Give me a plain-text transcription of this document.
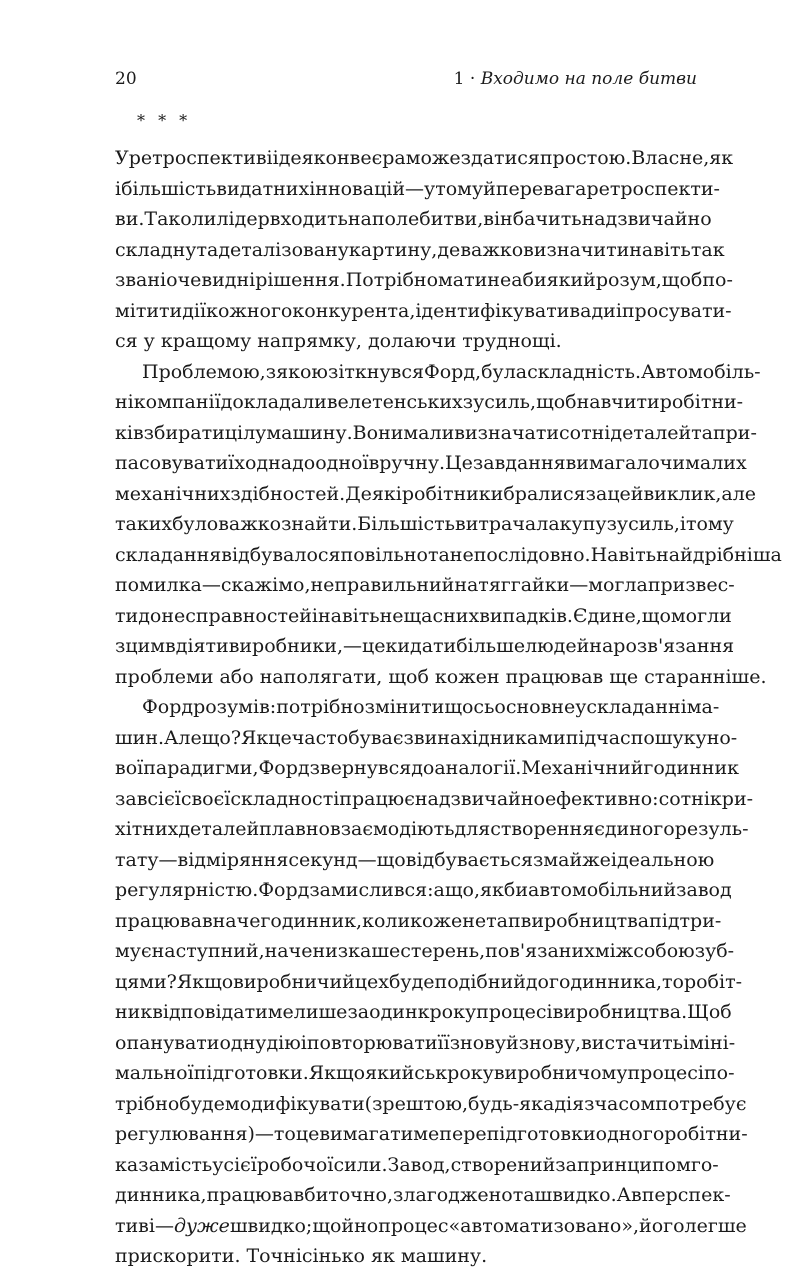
20	1 · Входимо на поле битви
* * *
У ретроспективі ідея конвеєра може здатися простою. Власне, як
і більшість видатних інновацій — у тому й перевага ретроспекти-
ви. Та коли лідер входить на поле битви, він бачить надзвичайно
складну та деталізовану картину, де важко визначити навіть так
звані очевидні рішення. Потрібно мати неабиякий розум, щоб по-
мітити дії кожного конкурента, ідентифікувати вади і просувати-
ся у кращому напрямку, долаючи труднощі.
Проблемою, з якою зіткнувся Форд, була складність. Автомобіль-
ні компанії докладали велетенських зусиль, щоб навчити робітни-
ків збирати цілу машину. Вони мали визначати сотні деталей та при-
пасовувати їх одна до одної вручну. Це завдання вимагало чималих
механічних здібностей. Деякі робітники бралися за цей виклик, але
таких було важко знайти. Більшість витрачала купу зусиль, і тому
складання відбувалося повільно та непослідовно. Навіть найдрібніша
помилка — скажімо, неправильний натяг гайки — могла призвес-
ти до несправностей і навіть нещасних випадків. Єдине, що могли
з цим вдіяти виробники, — це кидати більше людей на розв'язання
проблеми або наполягати, щоб кожен працював ще старанніше.
Форд розумів: потрібно змінити щось основне у складанні ма-
шин. Але що? Як це часто буває з винахідниками під час пошуку но-
вої парадигми, Форд звернувся до аналогії. Механічний годинник
за всієї своєї складності працює надзвичайно ефективно: сотні кри-
хітних деталей плавно взаємодіють для створення єдиного резуль-
тату — відміряння секунд — що відбувається з майже ідеальною
регулярністю. Форд замислився: а що, якби автомобільний завод
працював наче годинник, коли кожен етап виробництва підтри-
мує наступний, наче низка шестерень, пов'язаних між собою зуб-
цями? Якщо виробничий цех буде подібний до годинника, то робіт-
ник відповідатиме лише за один крок у процесі виробництва. Щоб
опанувати одну дію і повторювати її знову й знову, вистачить і міні-
мальної підготовки. Якщо якийсь крок у виробничому процесі по-
трібно буде модифікувати (зрештою, будь-яка дія з часом потребує
регулювання) — то це вимагатиме перепідготовки одного робітни-
ка замість усієї робочої сили. Завод, створений за принципом го-
динника, працював би точно, злагоджено та швидко. А в перспек-
тиві — дуже швидко; щойно процес «автоматизовано», його легше
прискорити. Точнісінько як машину.
